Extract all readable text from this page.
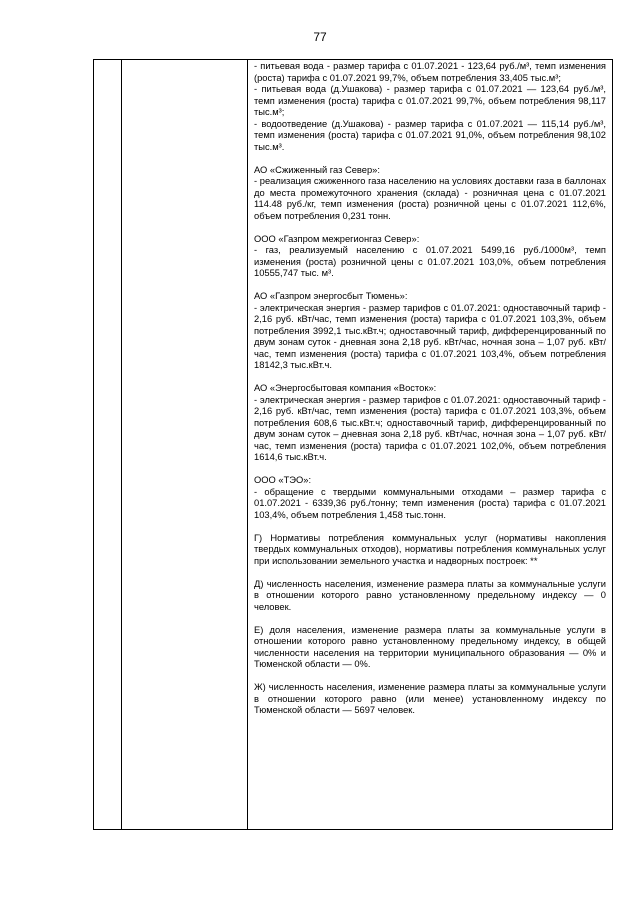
77
- питьевая вода - размер тарифа с 01.07.2021 - 123,64 руб./м³, темп изменения (роста) тарифа с 01.07.2021 99,7%, объем потребления 33,405 тыс.м³;
- питьевая вода (д.Ушакова) - размер тарифа с 01.07.2021 — 123,64 руб./м³, темп изменения (роста) тарифа с 01.07.2021 99,7%, объем потребления 98,117 тыс.м³;
- водоотведение (д.Ушакова) - размер тарифа с 01.07.2021 — 115,14 руб./м³, темп изменения (роста) тарифа с 01.07.2021 91,0%, объем потребления 98,102 тыс.м³.
АО «Сжиженный газ Север»:
- реализация сжиженного газа населению на условиях доставки газа в баллонах до места промежуточного хранения (склада) - розничная цена с 01.07.2021 114.48 руб./кг, темп изменения (роста) розничной цены с 01.07.2021 112,6%, объем потребления 0,231 тонн.
ООО «Газпром межрегионгаз Север»:
- газ, реализуемый населению с 01.07.2021 5499,16 руб./1000м³, темп изменения (роста) розничной цены с 01.07.2021 103,0%, объем потребления 10555,747 тыс. м³.
АО «Газпром энергосбыт Тюмень»:
- электрическая энергия - размер тарифов с 01.07.2021: одноставочный тариф - 2,16 руб. кВт/час, темп изменения (роста) тарифа с 01.07.2021 103,3%, объем потребления 3992,1 тыс.кВт.ч; одноставочный тариф, дифференцированный по двум зонам суток - дневная зона 2,18 руб. кВт/час, ночная зона – 1,07 руб. кВт/час, темп изменения (роста) тарифа с 01.07.2021 103,4%, объем потребления 18142,3 тыс.кВт.ч.
АО «Энергосбытовая компания «Восток»:
- электрическая энергия - размер тарифов с 01.07.2021: одноставочный тариф - 2,16 руб. кВт/час, темп изменения (роста) тарифа с 01.07.2021 103,3%, объем потребления 608,6 тыс.кВт.ч; одноставочный тариф, дифференцированный по двум зонам суток – дневная зона 2,18 руб. кВт/час, ночная зона – 1,07 руб. кВт/час, темп изменения (роста) тарифа с 01.07.2021 102,0%, объем потребления 1614,6 тыс.кВт.ч.
ООО «ТЭО»:
- обращение с твердыми коммунальными отходами – размер тарифа с 01.07.2021 - 6339,36 руб./тонну; темп изменения (роста) тарифа с 01.07.2021 103,4%, объем потребления 1,458 тыс.тонн.
Г) Нормативы потребления коммунальных услуг (нормативы накопления твердых коммунальных отходов), нормативы потребления коммунальных услуг при использовании земельного участка и надворных построек: **
Д) численность населения, изменение размера платы за коммунальные услуги в отношении которого равно установленному предельному индексу — 0 человек.
Е) доля населения, изменение размера платы за коммунальные услуги в отношении которого равно установленному предельному индексу, в общей численности населения на территории муниципального образования — 0% и Тюменской области — 0%.
Ж) численность населения, изменение размера платы за коммунальные услуги в отношении которого равно (или менее) установленному индексу по Тюменской области — 5697 человек.
